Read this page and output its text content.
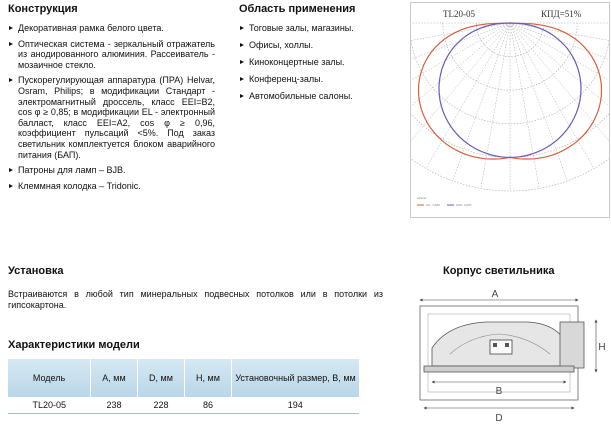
Конструкция
Декоративная рамка белого цвета.
Оптическая система - зеркальный отражатель из анодированного алюминия. Рассеиватель - мозаичное стекло.
Пускорегулирующая аппаратура (ПРА) Helvar, Osram, Philips; в модификации Стандарт - электромагнитный дроссель, класс EEI=B2, cos φ ≥ 0,85; в модификации EL - электронный балласт, класс EEI=A2, cos φ ≥ 0,96, коэффициент пульсаций <5%. Под заказ светильник комплектуется блоком аварийного питания (БАП).
Патроны для ламп – BJB.
Клеммная колодка – Tridonic.
Область применения
Тоговые залы, магазины.
Офисы, холлы.
Киноконцертные залы.
Конференц-залы.
Автомобильные салоны.
TL20-05	КПД=51%
кд/клм
C0 - C180	C90 - C270
Установка
Встраиваются в любой тип минеральных подвесных потолков или в потолки из гипсокартона.
Характеристики модели
Модель	A, мм	D, мм	H, мм	Установочный размер, B, мм
TL20-05	238	228	86	194
Корпус светильника
A
H
B
D
